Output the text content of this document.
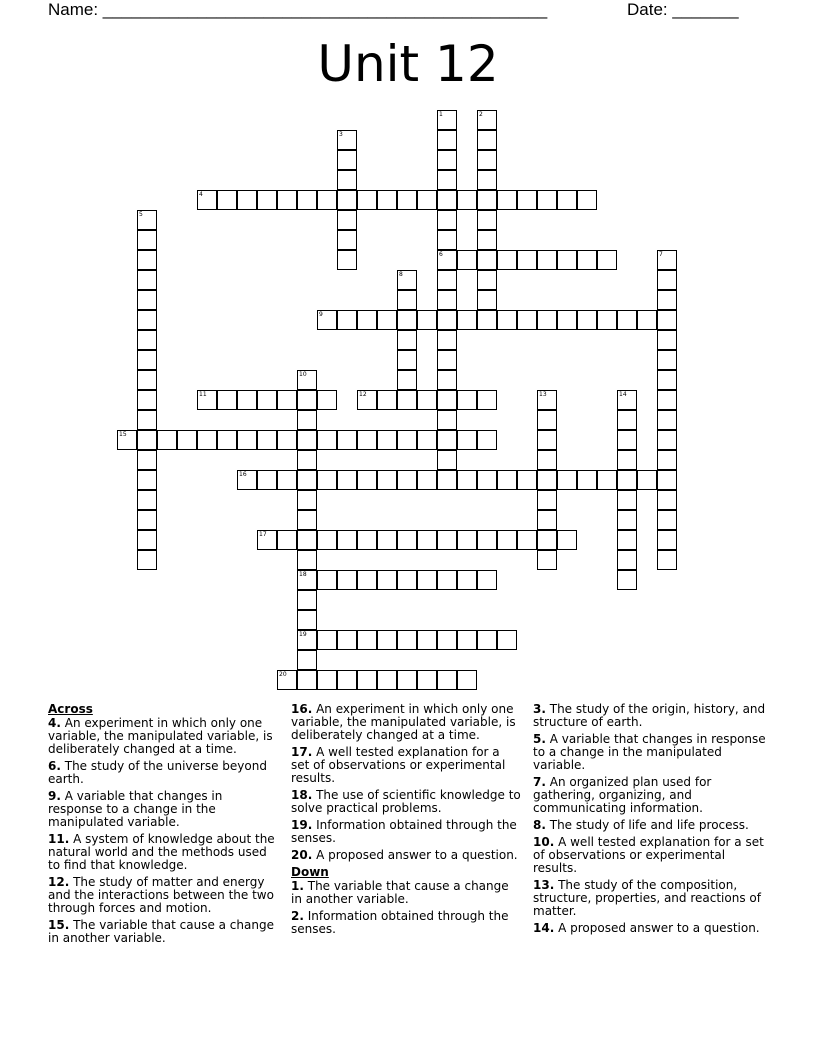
Name: _______________________________________________	Date: _______
Unit 12
4
6
9
11	12
15
16
17
18
19
20
1	2
3
5
7
8
10
13	14
Across
4. An experiment in which only one variable, the manipulated variable, is deliberately changed at a time.
6. The study of the universe beyond earth.
9. A variable that changes in response to a change in the manipulated variable.
11. A system of knowledge about the natural world and the methods used to find that knowledge.
12. The study of matter and energy and the interactions between the two through forces and motion.
15. The variable that cause a change in another variable.
16. An experiment in which only one variable, the manipulated variable, is deliberately changed at a time.
17. A well tested explanation for a set of observations or experimental results.
18. The use of scientific knowledge to solve practical problems.
19. Information obtained through the senses.
20. A proposed answer to a question.
Down
1. The variable that cause a change in another variable.
2. Information obtained through the senses.
3. The study of the origin, history, and structure of earth.
5. A variable that changes in response to a change in the manipulated variable.
7. An organized plan used for gathering, organizing, and communicating information.
8. The study of life and life process.
10. A well tested explanation for a set of observations or experimental results.
13. The study of the composition, structure, properties, and reactions of matter.
14. A proposed answer to a question.
